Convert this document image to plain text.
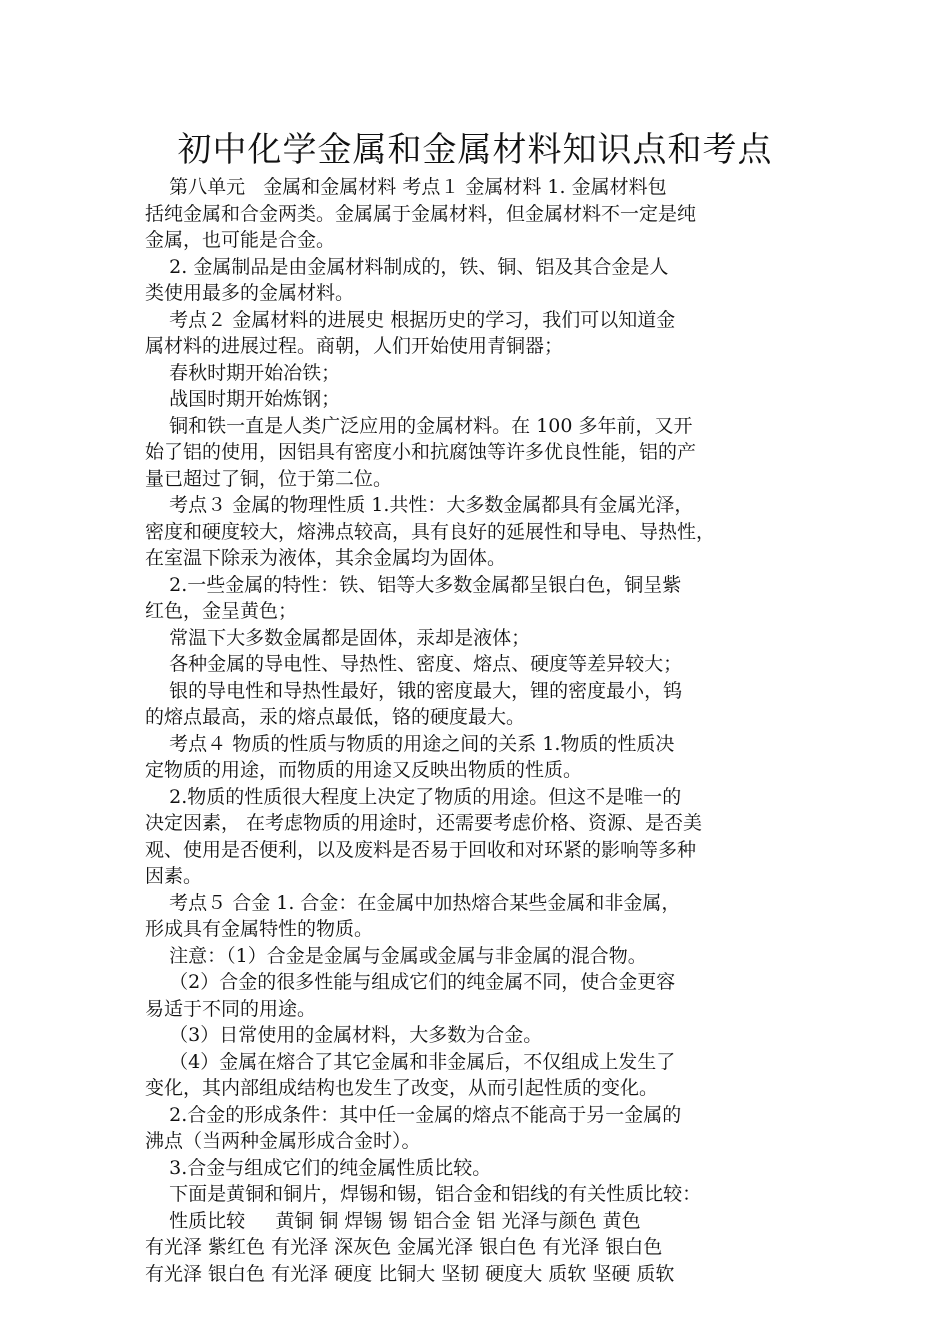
初中化学金属和金属材料知识点和考点
第八单元   金属和金属材料 考点１ 金属材料 1. 金属材料包
括纯金属和合金两类。金属属于金属材料，但金属材料不一定是纯
金属，也可能是合金。
2. 金属制品是由金属材料制成的，铁、铜、铝及其合金是人
类使用最多的金属材料。
考点２ 金属材料的进展史 根据历史的学习，我们可以知道金
属材料的进展过程。商朝，人们开始使用青铜器；
春秋时期开始冶铁；
战国时期开始炼钢；
铜和铁一直是人类广泛应用的金属材料。在 100 多年前，又开
始了铝的使用，因铝具有密度小和抗腐蚀等许多优良性能，铝的产
量已超过了铜，位于第二位。
考点３ 金属的物理性质 1.共性：大多数金属都具有金属光泽，
密度和硬度较大，熔沸点较高，具有良好的延展性和导电、导热性，
在室温下除汞为液体，其余金属均为固体。
2.一些金属的特性：铁、铝等大多数金属都呈银白色，铜呈紫
红色，金呈黄色；
常温下大多数金属都是固体，汞却是液体；
各种金属的导电性、导热性、密度、熔点、硬度等差异较大；
银的导电性和导热性最好，锇的密度最大，锂的密度最小，钨
的熔点最高，汞的熔点最低，铬的硬度最大。
考点４ 物质的性质与物质的用途之间的关系 1.物质的性质决
定物质的用途，而物质的用途又反映出物质的性质。
2.物质的性质很大程度上决定了物质的用途。但这不是唯一的
决定因素， 在考虑物质的用途时，还需要考虑价格、资源、是否美
观、使用是否便利，以及废料是否易于回收和对环紧的影响等多种
因素。
考点５ 合金 1. 合金：在金属中加热熔合某些金属和非金属，
形成具有金属特性的物质。
注意：（1）合金是金属与金属或金属与非金属的混合物。
（2）合金的很多性能与组成它们的纯金属不同，使合金更容
易适于不同的用途。
（3）日常使用的金属材料，大多数为合金。
（4）金属在熔合了其它金属和非金属后，不仅组成上发生了
变化，其内部组成结构也发生了改变，从而引起性质的变化。
2.合金的形成条件：其中任一金属的熔点不能高于另一金属的
沸点（当两种金属形成合金时）。
3.合金与组成它们的纯金属性质比较。
下面是黄铜和铜片，焊锡和锡，铝合金和铝线的有关性质比较：
性质比较     黄铜 铜 焊锡 锡 铝合金 铝 光泽与颜色 黄色
有光泽 紫红色 有光泽 深灰色 金属光泽 银白色 有光泽 银白色
有光泽 银白色 有光泽 硬度 比铜大 坚韧 硬度大 质软 坚硬 质软
